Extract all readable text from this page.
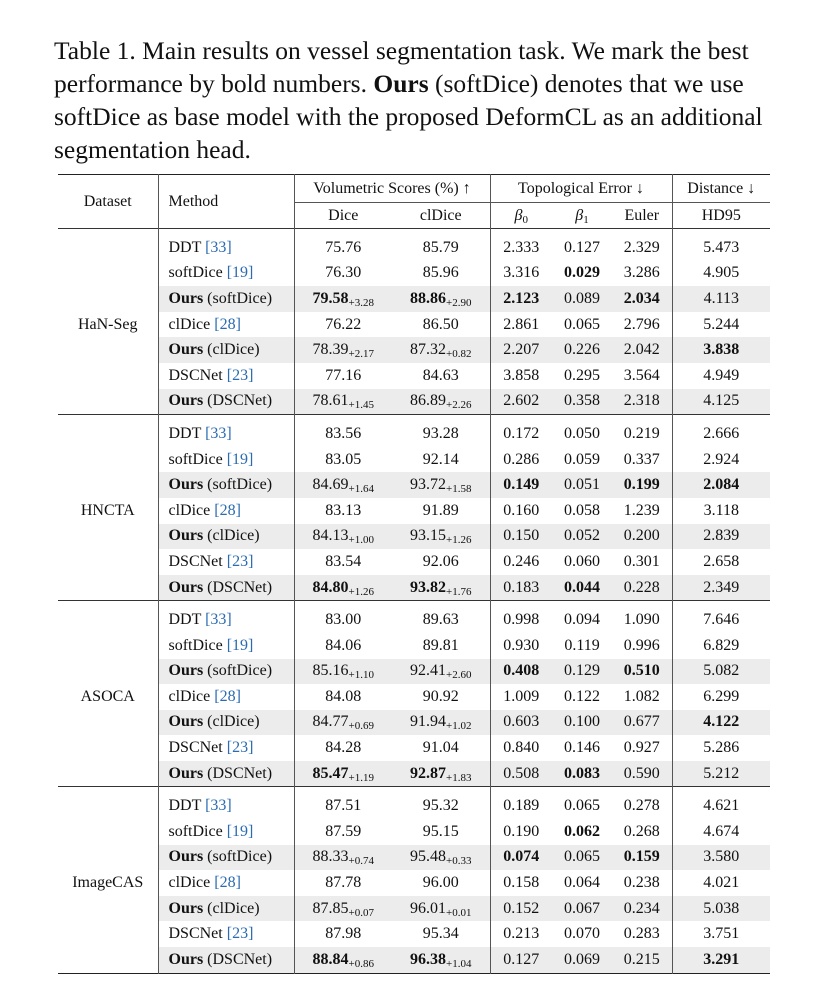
Table 1. Main results on vessel segmentation task. We mark the best performance by bold numbers. Ours (softDice) denotes that we use softDice as base model with the proposed DeformCL as an additional segmentation head.
Dataset	Method	Volumetric Scores (%) ↑		Topological Error ↓			Distance ↓
		Dice	clDice	$\beta_0$	$\beta_1$	Euler	HD95
HaN-Seg	DDT [33]	75.76	85.79	2.333	0.127	2.329	5.473
	softDice [19]	76.30	85.96	3.316	0.029	3.286	4.905
	Ours (softDice)	$79.58_{+3.28}$	$88.86_{+2.90}$	2.123	0.089	2.034	4.113
	clDice [28]	76.22	86.50	2.861	0.065	2.796	5.244
	Ours (clDice)	$78.39_{+2.17}$	$87.32_{+0.82}$	2.207	0.226	2.042	3.838
	DSCNet [23]	77.16	84.63	3.858	0.295	3.564	4.949
	Ours (DSCNet)	$78.61_{+1.45}$	$86.89_{+2.26}$	2.602	0.358	2.318	4.125
HNCTA	DDT [33]	83.56	93.28	0.172	0.050	0.219	2.666
	softDice [19]	83.05	92.14	0.286	0.059	0.337	2.924
	Ours (softDice)	$84.69_{+1.64}$	$93.72_{+1.58}$	0.149	0.051	0.199	2.084
	clDice [28]	83.13	91.89	0.160	0.058	1.239	3.118
	Ours (clDice)	$84.13_{+1.00}$	$93.15_{+1.26}$	0.150	0.052	0.200	2.839
	DSCNet [23]	83.54	92.06	0.246	0.060	0.301	2.658
	Ours (DSCNet)	$84.80_{+1.26}$	$93.82_{+1.76}$	0.183	0.044	0.228	2.349
ASOCA	DDT [33]	83.00	89.63	0.998	0.094	1.090	7.646
	softDice [19]	84.06	89.81	0.930	0.119	0.996	6.829
	Ours (softDice)	$85.16_{+1.10}$	$92.41_{+2.60}$	0.408	0.129	0.510	5.082
	clDice [28]	84.08	90.92	1.009	0.122	1.082	6.299
	Ours (clDice)	$84.77_{+0.69}$	$91.94_{+1.02}$	0.603	0.100	0.677	4.122
	DSCNet [23]	84.28	91.04	0.840	0.146	0.927	5.286
	Ours (DSCNet)	$85.47_{+1.19}$	$92.87_{+1.83}$	0.508	0.083	0.590	5.212
ImageCAS	DDT [33]	87.51	95.32	0.189	0.065	0.278	4.621
	softDice [19]	87.59	95.15	0.190	0.062	0.268	4.674
	Ours (softDice)	$88.33_{+0.74}$	$95.48_{+0.33}$	0.074	0.065	0.159	3.580
	clDice [28]	87.78	96.00	0.158	0.064	0.238	4.021
	Ours (clDice)	$87.85_{+0.07}$	$96.01_{+0.01}$	0.152	0.067	0.234	5.038
	DSCNet [23]	87.98	95.34	0.213	0.070	0.283	3.751
	Ours (DSCNet)	$88.84_{+0.86}$	$96.38_{+1.04}$	0.127	0.069	0.215	3.291
